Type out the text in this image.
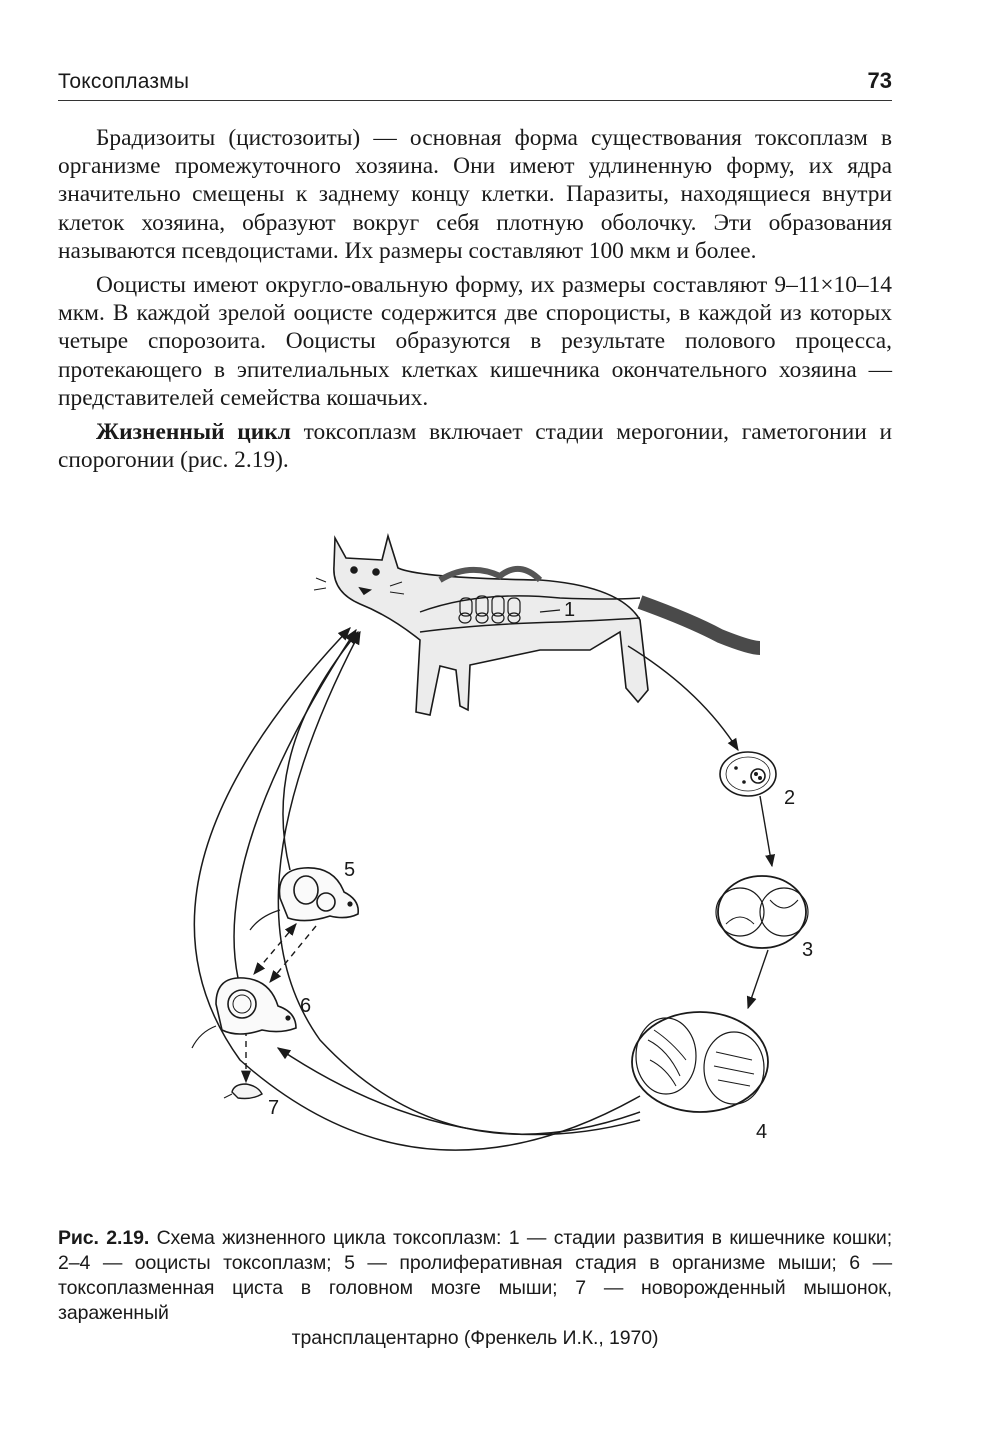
Токсоплазмы	73

Брадизоиты (цистозоиты) — основная форма существования токсоплазм в организме промежуточного хозяина. Они имеют удлиненную форму, их ядра значительно смещены к заднему концу клетки. Паразиты, находящиеся внутри клеток хозяина, образуют вокруг себя плотную оболочку. Эти образования называются псевдоцистами. Их размеры составляют 100 мкм и более.

Ооцисты имеют округло-овальную форму, их размеры составляют 9–11×10–14 мкм. В каждой зрелой ооцисте содержится две спороцисты, в каждой из которых четыре спорозоита. Ооцисты образуются в результате полового процесса, протекающего в эпителиальных клетках кишечника окончательного хозяина — представителей семейства кошачьих.

Жизненный цикл токсоплазм включает стадии мерогонии, гаметогонии и спорогонии (рис. 2.19).

1
2
3
4
5
6
7
Рис. 2.19. Схема жизненного цикла токсоплазм: 1 — стадии развития в кишечнике кошки; 2–4 — ооцисты токсоплазм; 5 — пролиферативная стадия в организме мыши; 6 — токсоплазменная циста в головном мозге мыши; 7 — новорожденный мышонок, зараженный
трансплацентарно (Френкель И.К., 1970)
